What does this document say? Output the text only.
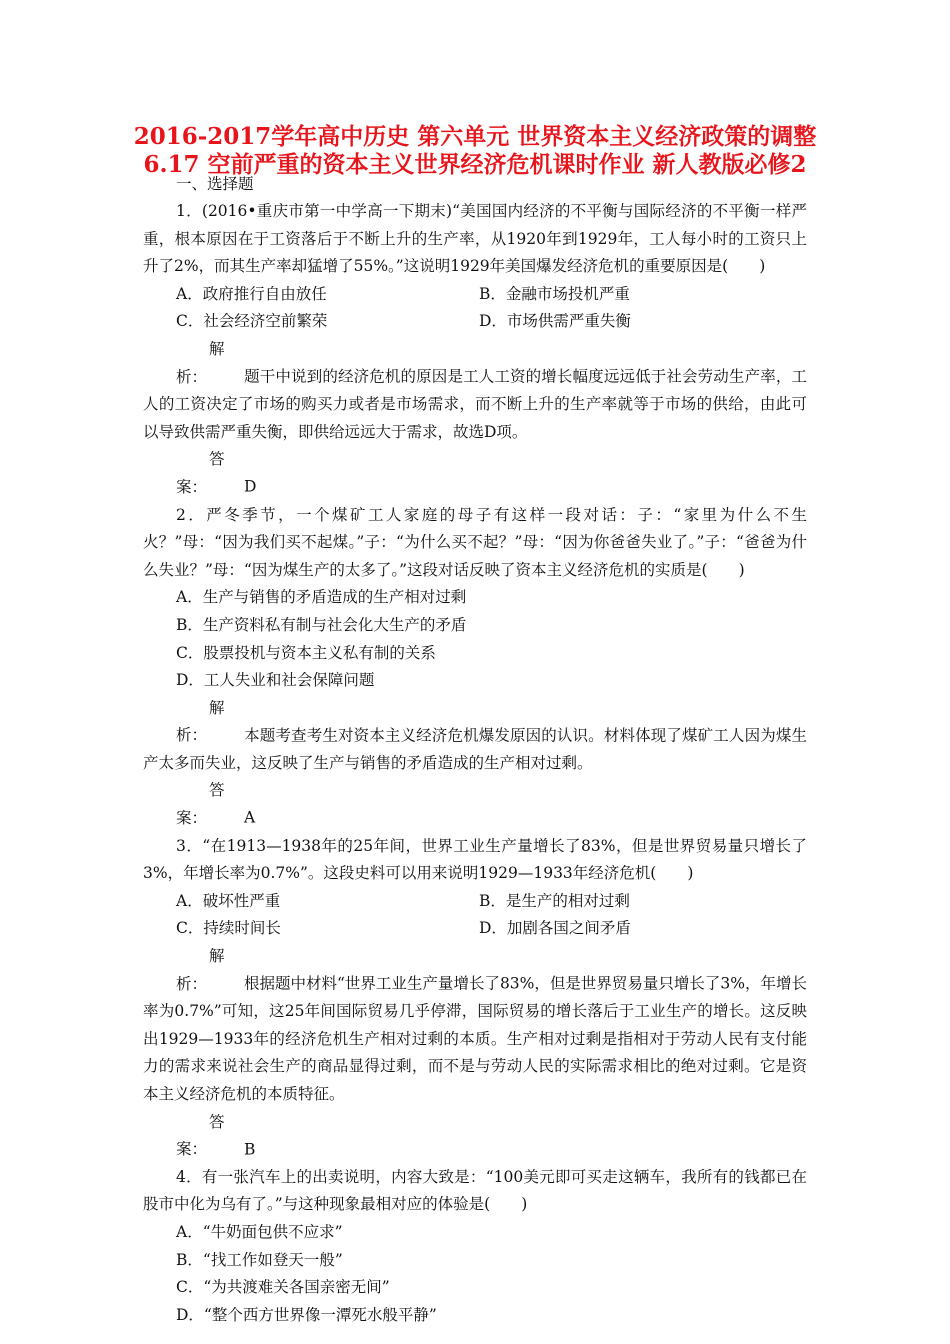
2016-2017学年高中历史 第六单元 世界资本主义经济政策的调整
6.17 空前严重的资本主义世界经济危机课时作业 新人教版必修2
一、选择题

1．(2016•重庆市第一中学高一下期末)“美国国内经济的不平衡与国际经济的不平衡一样严重，根本原因在于工资落后于不断上升的生产率，从1920年到1929年，工人每小时的工资只上升了2%，而其生产率却猛增了55%。”这说明1929年美国爆发经济危机的重要原因是(　　)

A．政府推行自由放任	B．金融市场投机严重
C．社会经济空前繁荣	D．市场供需严重失衡

解析： 题干中说到的经济危机的原因是工人工资的增长幅度远远低于社会劳动生产率，工人的工资决定了市场的购买力或者是市场需求，而不断上升的生产率就等于市场的供给，由此可以导致供需严重失衡，即供给远远大于需求，故选D项。

答案： D

2．严冬季节，一个煤矿工人家庭的母子有这样一段对话：子：“家里为什么不生火？”母：“因为我们买不起煤。”子：“为什么买不起？”母：“因为你爸爸失业了。”子：“爸爸为什么失业？”母：“因为煤生产的太多了。”这段对话反映了资本主义经济危机的实质是(　　)

A．生产与销售的矛盾造成的生产相对过剩

B．生产资料私有制与社会化大生产的矛盾

C．股票投机与资本主义私有制的关系

D．工人失业和社会保障问题

解析： 本题考查考生对资本主义经济危机爆发原因的认识。材料体现了煤矿工人因为煤生产太多而失业，这反映了生产与销售的矛盾造成的生产相对过剩。

答案： A

3．“在1913—1938年的25年间，世界工业生产量增长了83%，但是世界贸易量只增长了3%，年增长率为0.7%”。这段史料可以用来说明1929—1933年经济危机(　　)

A．破坏性严重	B．是生产的相对过剩
C．持续时间长	D．加剧各国之间矛盾

解析： 根据题中材料“世界工业生产量增长了83%，但是世界贸易量只增长了3%，年增长率为0.7%”可知，这25年间国际贸易几乎停滞，国际贸易的增长落后于工业生产的增长。这反映出1929—1933年的经济危机生产相对过剩的本质。生产相对过剩是指相对于劳动人民有支付能力的需求来说社会生产的商品显得过剩，而不是与劳动人民的实际需求相比的绝对过剩。它是资本主义经济危机的本质特征。

答案： B

4．有一张汽车上的出卖说明，内容大致是：“100美元即可买走这辆车，我所有的钱都已在股市中化为乌有了。”与这种现象最相对应的体验是(　　)

A．“牛奶面包供不应求”

B．“找工作如登天一般”

C．“为共渡难关各国亲密无间”

D．“整个西方世界像一潭死水般平静”
